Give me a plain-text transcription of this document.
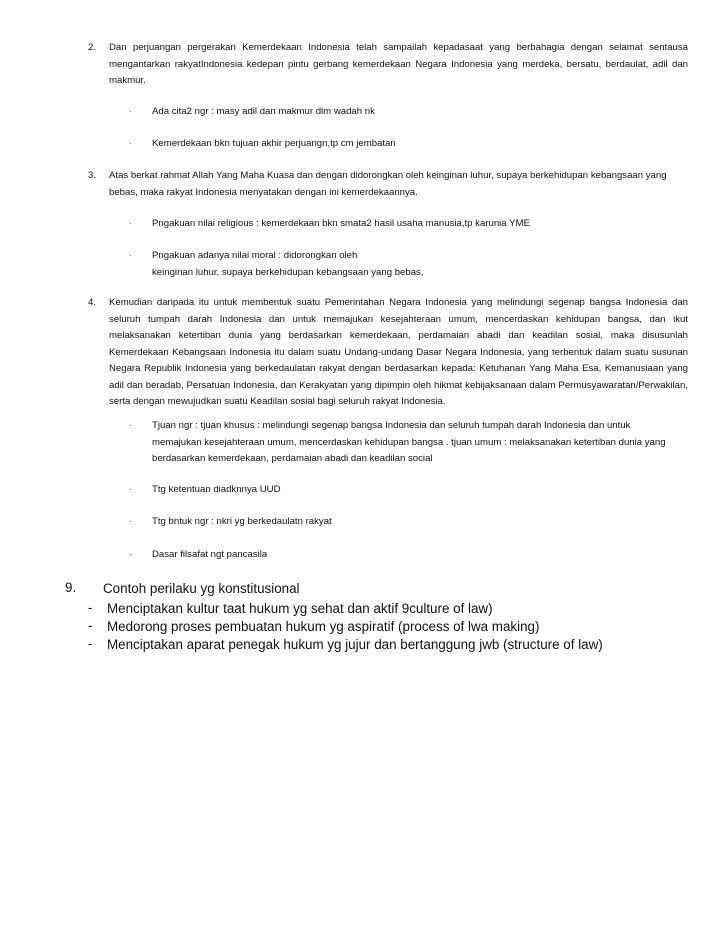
2.	Dan perjuangan pergerakan Kemerdekaan Indonesia telah sampailah kepadasaat yang berbahagia dengan selamat sentausa mengantarkan rakyatIndonesia kedepan pintu gerbang kemerdekaan Negara Indonesia yang merdeka, bersatu, berdaulat, adil dan makmur.
·	Ada cita2 ngr : masy adil dan makmur dlm wadah nk
·	Kemerdekaan bkn tujuan akhir perjuangn,tp cm jembatan
3.	Atas berkat rahmat Allah Yang Maha Kuasa dan dengan didorongkan oleh keinginan luhur, supaya berkehidupan kebangsaan yang bebas, maka rakyat Indonesia menyatakan dengan ini kemerdekaannya.
·	Pngakuan nilai religious : kemerdekaan bkn smata2 hasil usaha manusia,tp karunia YME
·	Pngakuan adanya nilai moral : didorongkan oleh
keinginan luhur, supaya berkehidupan kebangsaan yang bebas,
4.	Kemudian daripada itu untuk membentuk suatu Pemerintahan Negara Indonesia yang melindungi segenap bangsa Indonesia dan seluruh tumpah darah Indonesia dan untuk memajukan kesejahteraan umum, mencerdaskan kehidupan bangsa, dan ikut melaksanakan ketertiban dunia yang berdasarkan kemerdekaan, perdamaian abadi dan keadilan sosial, maka disusunlah Kemerdekaan Kebangsaan Indonesia itu dalam suatu Undang-undang Dasar Negara Indonesia, yang terbentuk dalam suatu susunan Negara Republik Indonesia yang berkedaulatan rakyat dengan berdasarkan kepada: Ketuhanan Yang Maha Esa, Kemanusiaan yang adil dan beradab, Persatuan Indonesia, dan Kerakyatan yang dipimpin oleh hikmat kebijaksanaan dalam Permusyawaratan/Perwakilan, serta dengan mewujudkan suatu Keadilan sosial bagi seluruh rakyat Indonesia.
·	Tjuan ngr : tjuan khusus : melindungi segenap bangsa Indonesia dan seluruh tumpah darah Indonesia dan untuk memajukan kesejahteraan umum, mencerdaskan kehidupan bangsa . tjuan umum : melaksanakan ketertiban dunia yang berdasarkan kemerdekaan, perdamaian abadi dan keadilan social
·	Ttg ketentuan diadknnya UUD
·	Ttg bntuk ngr : nkri yg berkedaulatn rakyat
·	Dasar filsafat ngt pancasila
9. Contoh perilaku yg konstitusional
- Menciptakan kultur taat hukum yg sehat dan aktif 9culture of law)
- Medorong proses pembuatan hukum yg aspiratif (process of lwa making)
- Menciptakan aparat penegak hukum yg jujur dan bertanggung jwb (structure of law)
